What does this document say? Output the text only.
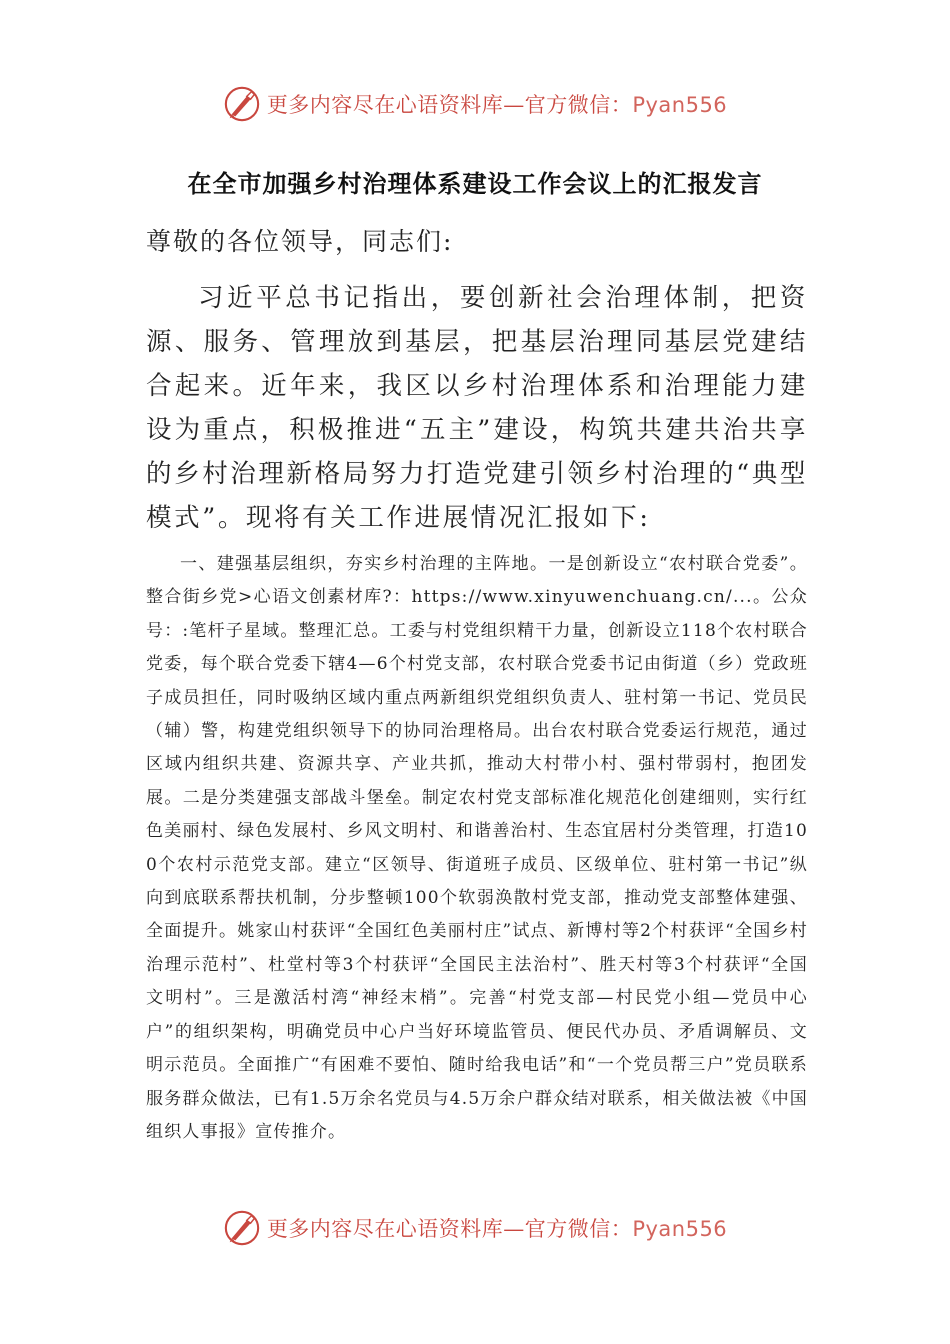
更多内容尽在心语资料库—官方微信：Pyan556
在全市加强乡村治理体系建设工作会议上的汇报发言

尊敬的各位领导，同志们:

习近平总书记指出，要创新社会治理体制，把资源、服务、管理放到基层，把基层治理同基层党建结合起来。近年来，我区以乡村治理体系和治理能力建设为重点，积极推进“五主”建设，构筑共建共治共享的乡村治理新格局努力打造党建引领乡村治理的“典型模式”。现将有关工作进展情况汇报如下:

一、建强基层组织，夯实乡村治理的主阵地。一是创新设立“农村联合党委”。整合街乡党>心语文创素材库?：https://www.xinyuwenchuang.cn/...。公众号：:笔杆子星域。整理汇总。工委与村党组织精干力量，创新设立118个农村联合党委，每个联合党委下辖4—6个村党支部，农村联合党委书记由街道（乡）党政班子成员担任，同时吸纳区域内重点两新组织党组织负责人、驻村第一书记、党员民（辅）警，构建党组织领导下的协同治理格局。出台农村联合党委运行规范，通过区域内组织共建、资源共享、产业共抓，推动大村带小村、强村带弱村，抱团发展。二是分类建强支部战斗堡垒。制定农村党支部标准化规范化创建细则，实行红色美丽村、绿色发展村、乡风文明村、和谐善治村、生态宜居村分类管理，打造100个农村示范党支部。建立“区领导、街道班子成员、区级单位、驻村第一书记”纵向到底联系帮扶机制，分步整顿100个软弱涣散村党支部，推动党支部整体建强、全面提升。姚家山村获评“全国红色美丽村庄”试点、新博村等2个村获评“全国乡村治理示范村”、杜堂村等3个村获评“全国民主法治村”、胜天村等3个村获评“全国文明村”。三是激活村湾“神经末梢”。完善“村党支部—村民党小组—党员中心户”的组织架构，明确党员中心户当好环境监管员、便民代办员、矛盾调解员、文明示范员。全面推广“有困难不要怕、随时给我电话”和“一个党员帮三户”党员联系服务群众做法，已有1.5万余名党员与4.5万余户群众结对联系，相关做法被《中国组织人事报》宣传推介。

更多内容尽在心语资料库—官方微信：Pyan556
